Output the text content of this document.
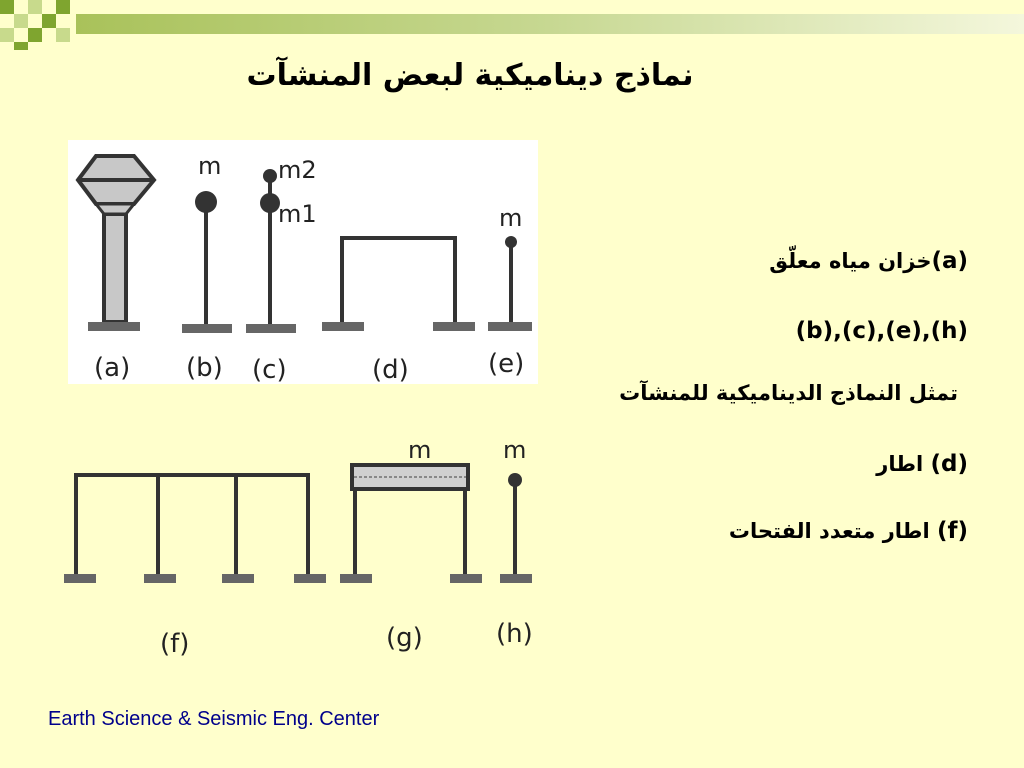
نماذج ديناميكية لبعض المنشآت
m m2
m1	m
m	m
(a) (b) (c)	(d)	(e)
(f)	(g)	(h)
(a)خزان مياه معلّق
(b),(c),(e),(h)
تمثل النماذج الديناميكية للمنشآت
(d) اطار
(f) اطار متعدد الفتحات
Earth Science & Seismic Eng. Center
